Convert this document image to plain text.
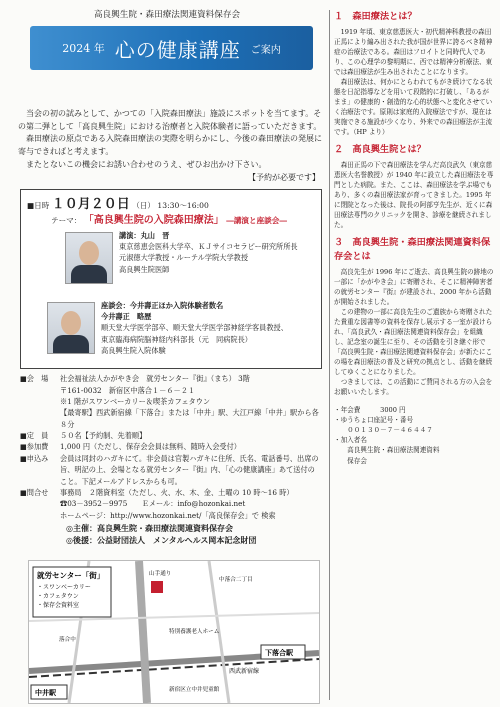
高良興生院・森田療法関連資料保存会
2024 年 心の健康講座 ご案内

当会の初の試みとして、かつての「入院森田療法」施設にスポットを当てます。その第二弾として「高良興生院」における治療者と入院体験者に語っていただきます。

森田療法の原点である入院森田療法の実際を明らかにし、今後の森田療法の発展に寄与できればと考えます。

またとないこの機会にお誘い合わせのうえ、ぜひお出かけ下さい。

【予約が必要です】
■日時 １０月２０日 （日） 13:30～16:00
テーマ： 「高良興生院の入院森田療法」 ―講演と座談会―
講演：丸山　晋
東京慈恵会医科大学卒、ＫＪサイコセラピー研究所所長
元淑徳大学教授・ルーテル学院大学教授
高良興生院医師
座談会：今井壽正ほか入院体験者数名
今井壽正　略歴
順天堂大学医学部卒、順天堂大学医学部神経学客員教授、
東京臨海病院脳神経内科部長（元　同病院長）
高良興生院入院体験
■会　場	社会福祉法人かがやき会　就労センター『街』（まち） 3階
〒161-0032　新宿区中落合１－６－２１
※1 階がスワンベーカリー＆喫茶カフェタウン
【最寄駅】西武新宿線「下落合」または「中井」駅、大江戸線「中井」駅から各８分
■定　員	５０名【予約制、先着順】
■参加費	1,000 円（ただし、保存会会員は無料、随時入会受付）
■申込み	会員は同封のハガキにて。非会員は官製ハガキに住所、氏名、電話番号、出席の旨、明記の上、会場となる就労センター『街』内、「心の健康講座」あて送付のこと。下記メールアドレスからも可。
■問合せ	事務局　２階資料室（ただし、火、水、木、金、土曜の 10 時～16 時）
☎03－3952－9975　　Ｅメール：info@hozonkai.net
ホームページ：http://www.hozonkai.net/「高良保存会」で 検索
◎主催：高良興生院・森田療法関連資料保存会
◎後援：公益財団法人　メンタルヘルス岡本記念財団
就労センター「街」
・スワンベーカリー
・カフェタウン
・保存会資料室
山手通り
中落合二丁目
特別養護老人ホーム
落合中
新宿区立中井児童館
下落合駅
中井駅
西武新宿線
１　森田療法とは？

1919 年頃、東京慈恵医大・初代精神科教授の森田正馬により編み出された我が国が世界に誇るべき精神症の治療法である。森田はフロイトと同時代人であり、この心理学の黎明期に、西では精神分析療法、東では森田療法が生み出されたことになります。

森田療法は、何かにとらわれてもがき続けてなる状態を日記指導などを用いて段階的に打破し、「あるがまま」の健康的・創造的な心的状態へと変化させていく治療法です。原則は家庭的入院療法ですが、現在は実施できる施設が少くなり、外来での森田療法が主流です。（HP より）

２　高良興生院とは？

森田正馬の下で森田療法を学んだ高良武久（東京慈恵医大名誉教授）が 1940 年に設立した森田療法を専門とした病院。また、ここは、森田療法を学ぶ場でもあり、多くの森田療法家が育ってきました。1995 年に閉院となった後は、院長の阿部亨先生が、近くに森田療法専門のクリニックを開き、診療を継続されました。

３　高良興生院・森田療法関連資料保存会とは

高良先生が 1996 年にご逝去、高良興生院の跡地の一部に「かがやき会」に寄贈され、そこに精神障害者の就労センター『街』が建設され、2000 年から活動が開始されました。

この建物の一部に高良先生のご遺族から寄贈されたた貴重な図書等の資料を保存し展示する一室が設けられ、「高良武久・森田療法関連資料保存会」を組織し、記念室の誕生に至り、その活動を引き継ぐ形で「高良興生院・森田療法関連資料保存会」が新たにこの場を森田療法の普及と研究の拠点とし、活動を継続してゆくことになりました。

つきましては、この活動にご賛同される方の入会をお願いいたします。

・年会費　　　3000 円
・ゆうちょ口座記号・番号
　　００１３０－７－４６４４７
・加入者名
　　高良興生院・森田療法関連資料
　　保存会
